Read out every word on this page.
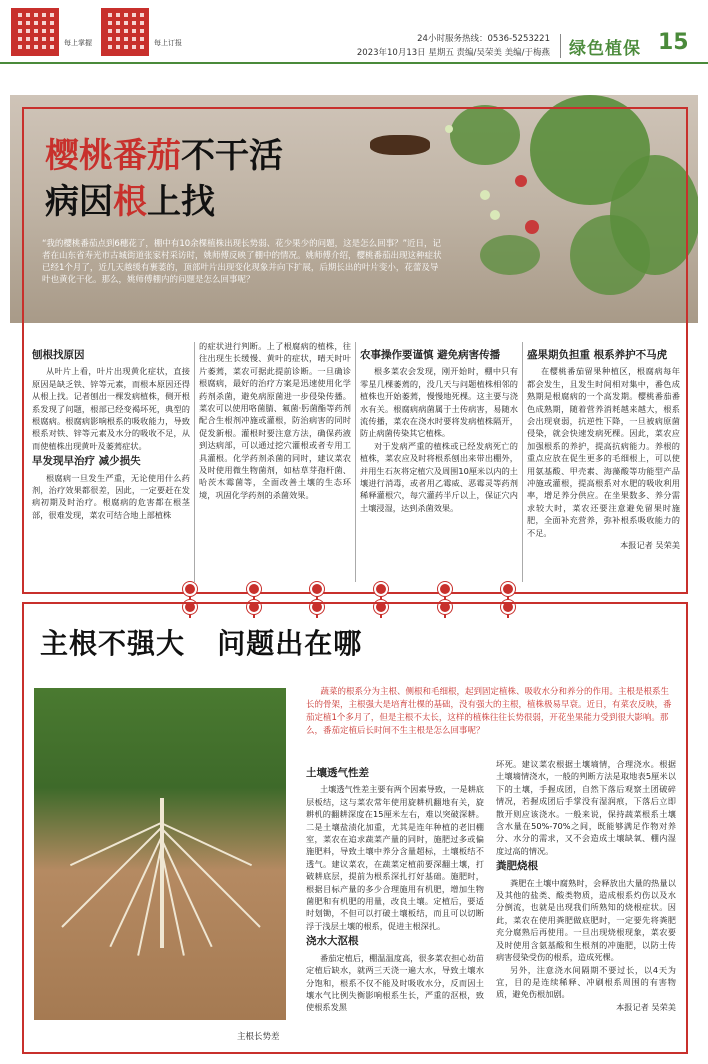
每上掌握	每上订报	24小时服务热线：0536-5253221
2023年10月13日 星期五 责编/吴荣美 美编/于梅燕	绿色植保 15
樱桃番茄不干活
病因根上找
“我的樱桃番茄点到6穗花了，棚中有10余棵植株出现长势弱、花少果少的问题，这是怎么回事？”近日，记者在山东省寿光市古城街道张家村采访时，姚师傅反映了棚中的情况。姚师傅介绍，樱桃番茄出现这种症状已经1个月了，近几天越缓有裹萎的，顶部叶片出现变化现象并向下扩展，后期长出的叶片变小，花蕾及导叶也黄化干化。那么，姚师傅棚内的问题是怎么回事呢？
刨根找原因

从叶片上看，叶片出现黄化症状，直接原因是缺乏铁、锌等元素，而根本原因还得从根上找。记者刨出一棵发病植株，侧开根系发现了问题，根部已经变褐坏死，典型的根腐病。根腐病影响根系的吸收能力，导致根系对铁、锌等元素及水分的吸收不足，从而使植株出现黄叶及萎蔫症状。

早发现早治疗 减少损失

根腐病一旦发生严重，无论使用什么药剂，治疗效果都很差，因此，一定要赶在发病初期及时治疗。根腐病的危害都在根茎部，很难发现，菜农可结合地上部植株

的症状进行判断。上了根腐病的植株，往往出现生长缓慢、黄叶的症状，晴天时叶片萎蔫，菜农可据此提前诊断。一旦确诊根腐病，最好的治疗方案是迅速使用化学药剂杀菌，避免病原菌进一步侵染传播。菜农可以使用咯菌腈、氟菌·肟菌酯等药剂配合生根剂冲施或灌根，防治病害的同时促发新根。灌根时要注意方法，确保药液到达病部，可以通过挖穴灌根或者专用工具灌根。化学药剂杀菌的同时，建议菜农及时使用微生物菌剂，如枯草芽孢杆菌、哈茨木霉菌等，全面改善土壤的生态环境，巩固化学药剂的杀菌效果。

农事操作要谨慎 避免病害传播

根多菜农会发现，刚开始时，棚中只有零星几棵萎蔫的，没几天与问题植株相邻的植株也开始萎蔫，慢慢地死棵。这主要与浇水有关。根腐病病菌属于土传病害，易随水流传播，菜农在浇水时要将发病植株隔开，防止病菌传染其它植株。

对于发病严重的植株或已经发病死亡的植株，菜农应及时将根系刨出来带出棚外，并用生石灰将定植穴及周围10厘米以内的土壤进行消毒，或者用乙霉威、恶霉灵等药剂稀释灌根穴，每穴灌药半斤以上，保证穴内土壤浸湿，达到杀菌效果。

盛果期负担重 根系养护不马虎

在樱桃番茄留果种植区，根腐病每年都会发生，且发生时间相对集中，番色成熟期是根腐病的一个高发期。樱桃番茄番色成熟期，随着营养消耗越来越大，根系会出现衰弱，抗逆性下降，一旦被病原菌侵染，就会快速发病死棵。因此，菜农应加强根系的养护，提高抗病能力。养根的重点应放在促生更多的毛细根上，可以使用氨基酸、甲壳素、海藻酸等功能型产品冲施或灌根，提高根系对水肥的吸收利用率，增足养分供应。在坐果数多、养分需求较大时，菜农还要注意避免留果时施肥，全面补充营养，弥补根系吸收能力的不足。

本报记者 吴荣美
主根不强大   问题出在哪
主根长势差
蔬菜的根系分为主根、侧根和毛细根，起到固定植株、吸收水分和养分的作用。主根是根系生长的骨架，主根强大是培育壮棵的基础，没有强大的主根，植株极易早衰。近日，有菜农反映，番茄定植1个多月了，但是主根不太长，这样的植株往往长势很弱，开花坐果能力受到很大影响。那么，番茄定植后长时间不生主根是怎么回事呢？
土壤透气性差

土壤透气性差主要有两个因素导致，一是耕底层板结，这与菜农常年使用旋耕机翻地有关，旋耕机的翻耕深度在15厘米左右，难以突破深耕。二是土壤盐渍化加重，尤其是连年种植的老旧棚室，菜农在追求蔬菜产量的同时，施肥过多或偏施肥料，导致土壤中养分含量超标，土壤板结不透气。建议菜农，在蔬菜定植前要深翻土壤，打破耕底层，提前为根系深扎打好基础。施肥时，根据目标产量的多少合理施用有机肥，增加生物菌肥和有机肥的用量，改良土壤。定植后，要适时划锄，不但可以打破土壤板结，而且可以切断浮于浅层土壤的根系，促进主根深扎。

浇水大沤根

番茄定植后，棚温温度高，很多菜农担心幼苗定植后缺水，就两三天浇一遍大水，导致土壤水分饱和，根系不仅不能及时吸收水分，反而因土壤水气比例失衡影响根系生长，严重的沤根，致使根系发黑

坏死。建议菜农根据土壤墒情，合理浇水。根据土壤墒情浇水，一般的判断方法是取地表5厘米以下的土壤，手握成团，自然下落后观察土团破碎情况，若握成团后手掌没有湿润痕，下落后立即散开则应该浇水。一般来说，保持蔬菜根系土壤含水量在50%-70%之间，既能够满足作物对养分、水分的需求，又不会造成土壤缺氧、棚内湿度过高的情况。

粪肥烧根

粪肥在土壤中腐熟时，会释放出大量的热量以及其他的盐类、酸类物质，造成根系灼伤以及水分倒流，也就是出现我们所熟知的烧根症状。因此，菜农在使用粪肥做底肥时，一定要先将粪肥充分腐熟后再使用。一旦出现烧根现象，菜农要及时使用含氨基酸和生根剂的冲施肥，以防土传病害侵染受伤的根系，造成死棵。

另外，注意浇水间隔期不要过长，以4天为宜，目的是连续稀释、冲刷根系周围的有害物质，避免伤根加剧。

本报记者 吴荣美
